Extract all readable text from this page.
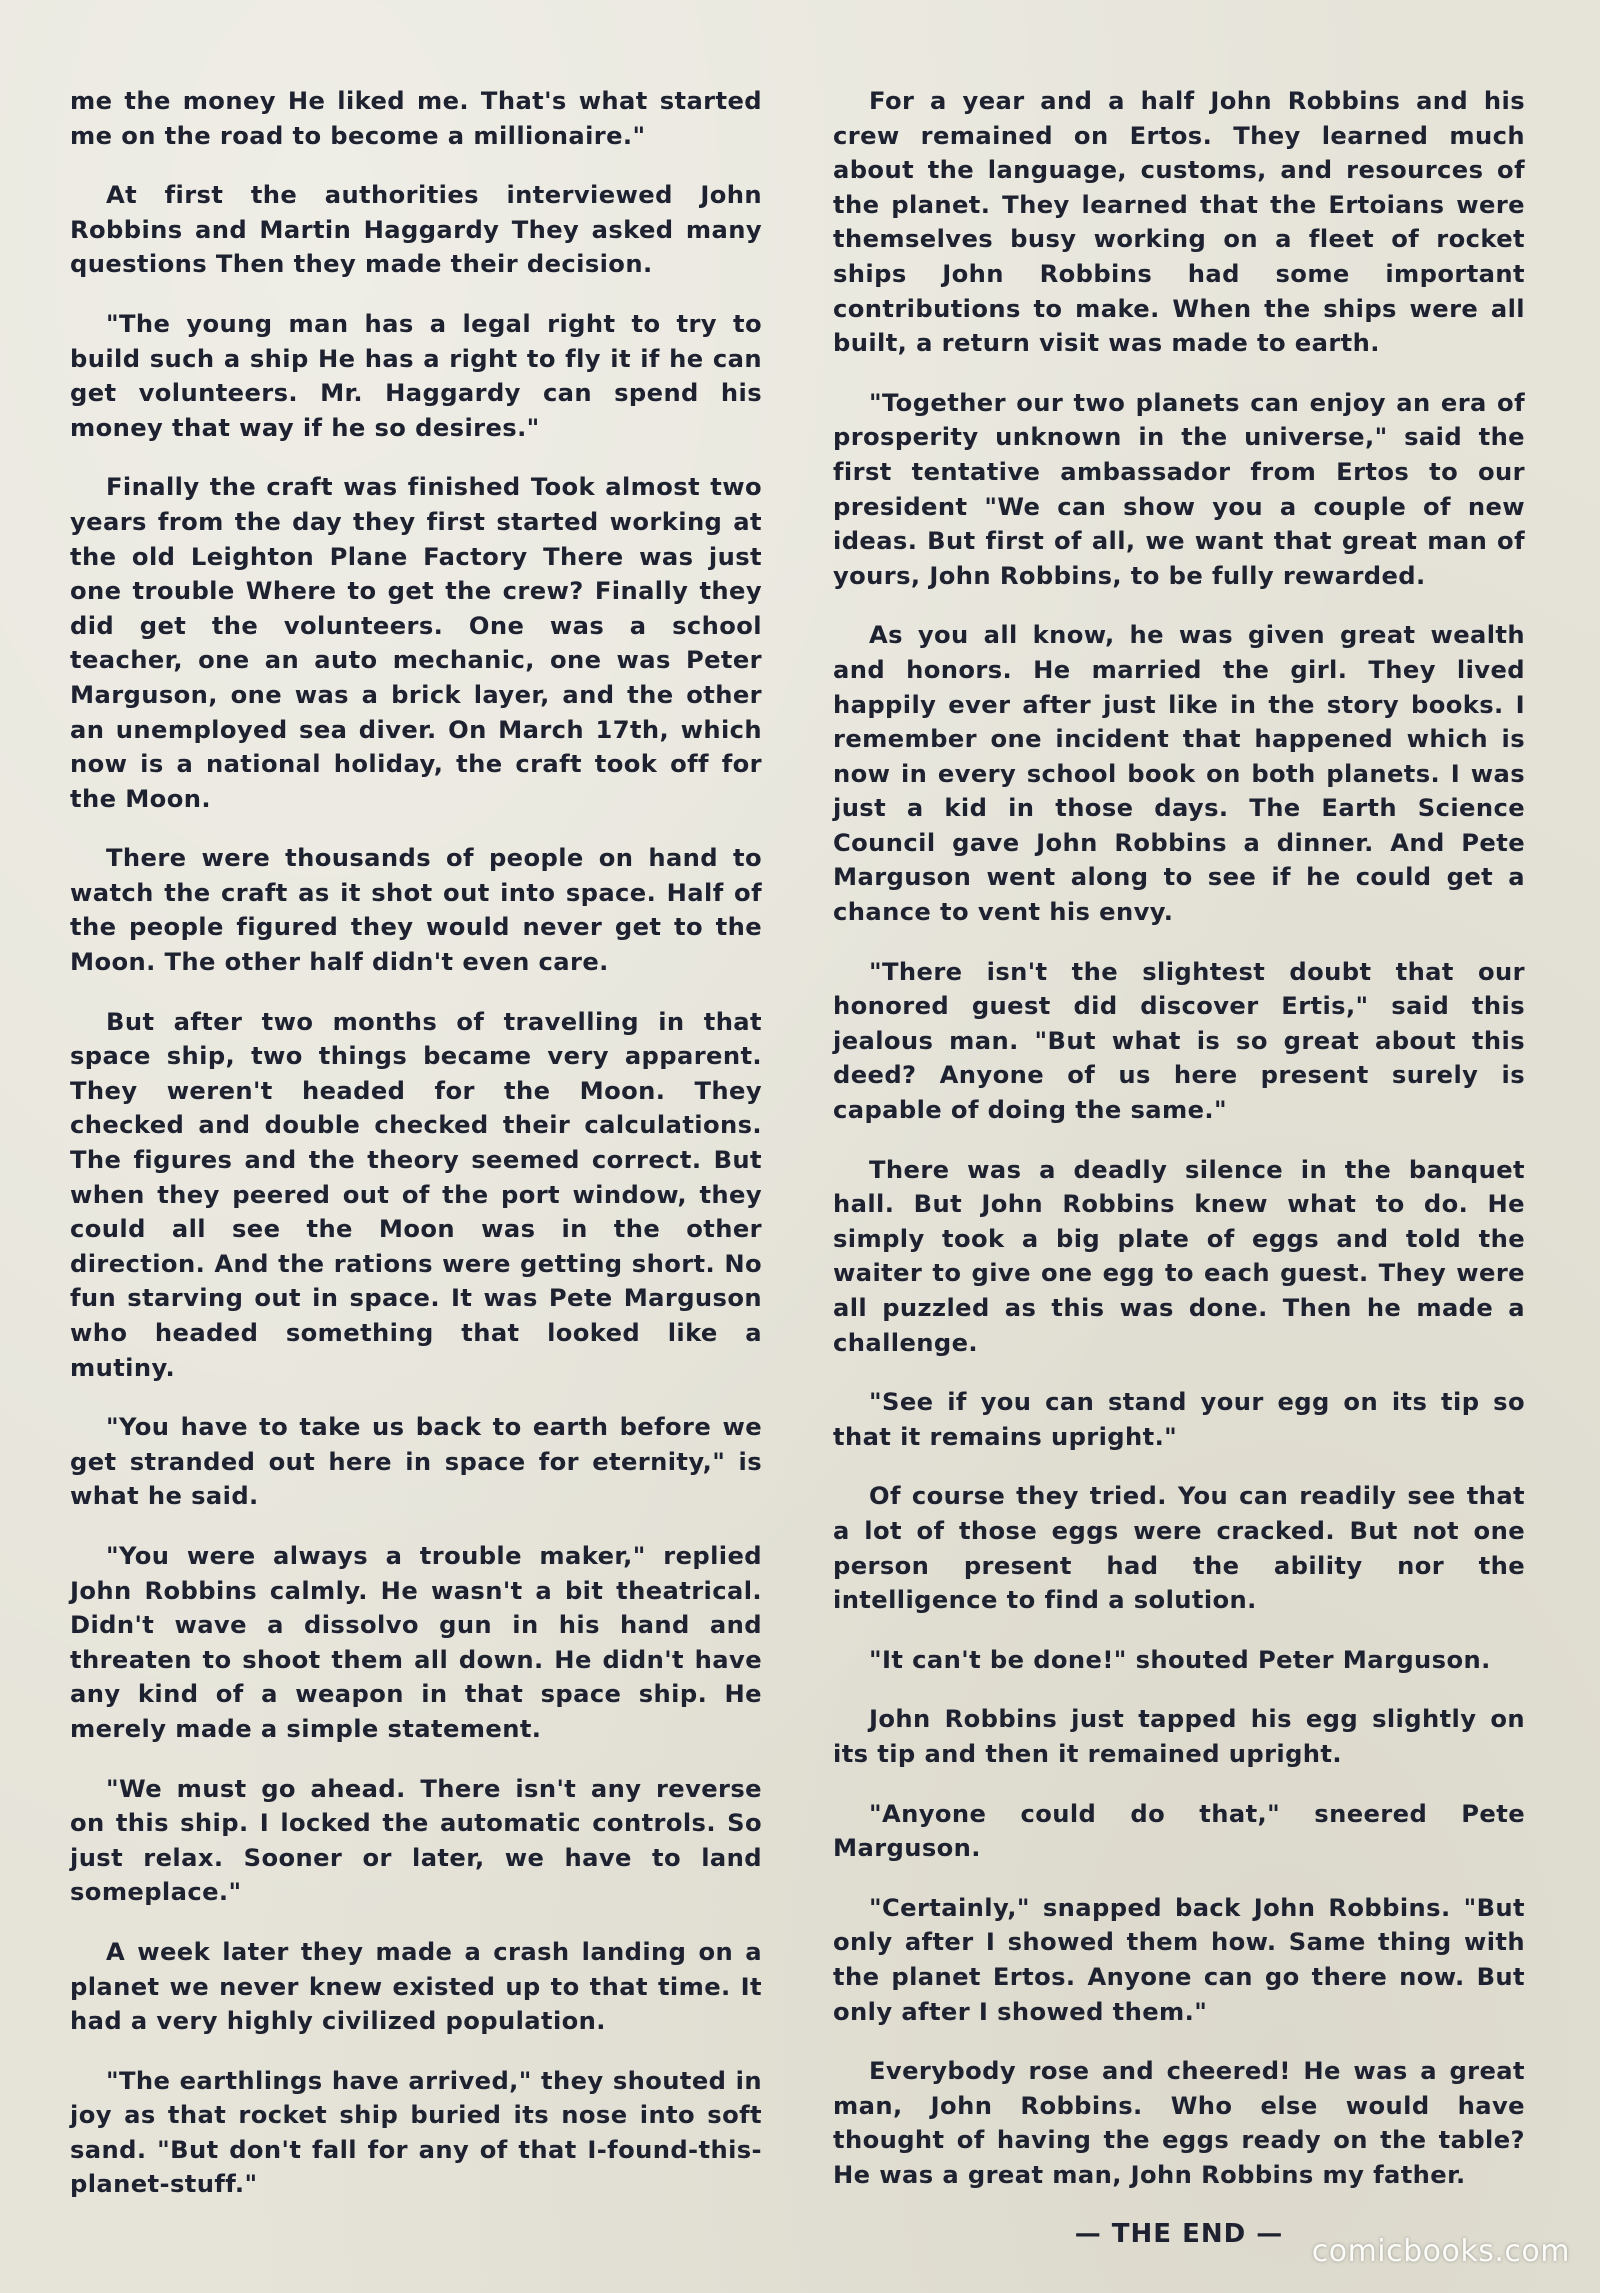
me the money He liked me. That's what started me on the road to become a millionaire."

At first the authorities interviewed John Robbins and Martin Haggardy They asked many questions Then they made their decision.

"The young man has a legal right to try to build such a ship He has a right to fly it if he can get volunteers. Mr. Haggardy can spend his money that way if he so desires."

Finally the craft was finished Took almost two years from the day they first started working at the old Leighton Plane Factory There was just one trouble Where to get the crew? Finally they did get the volunteers. One was a school teacher, one an auto mechanic, one was Peter Marguson, one was a brick layer, and the other an unemployed sea diver. On March 17th, which now is a national holiday, the craft took off for the Moon.

There were thousands of people on hand to watch the craft as it shot out into space. Half of the people figured they would never get to the Moon. The other half didn't even care.

But after two months of travelling in that space ship, two things became very apparent. They weren't headed for the Moon. They checked and double checked their calculations. The figures and the theory seemed correct. But when they peered out of the port window, they could all see the Moon was in the other direction. And the rations were getting short. No fun starving out in space. It was Pete Marguson who headed something that looked like a mutiny.

"You have to take us back to earth before we get stranded out here in space for eternity," is what he said.

"You were always a trouble maker," replied John Robbins calmly. He wasn't a bit theatrical. Didn't wave a dissolvo gun in his hand and threaten to shoot them all down. He didn't have any kind of a weapon in that space ship. He merely made a simple statement.

"We must go ahead. There isn't any reverse on this ship. I locked the automatic controls. So just relax. Sooner or later, we have to land someplace."

A week later they made a crash landing on a planet we never knew existed up to that time. It had a very highly civilized population.

"The earthlings have arrived," they shouted in joy as that rocket ship buried its nose into soft sand. "But don't fall for any of that I-found-this-planet-stuff."

For a year and a half John Robbins and his crew remained on Ertos. They learned much about the language, customs, and resources of the planet. They learned that the Ertoians were themselves busy working on a fleet of rocket ships John Robbins had some important contributions to make. When the ships were all built, a return visit was made to earth.

"Together our two planets can enjoy an era of prosperity unknown in the universe," said the first tentative ambassador from Ertos to our president "We can show you a couple of new ideas. But first of all, we want that great man of yours, John Robbins, to be fully rewarded.

As you all know, he was given great wealth and honors. He married the girl. They lived happily ever after just like in the story books. I remember one incident that happened which is now in every school book on both planets. I was just a kid in those days. The Earth Science Council gave John Robbins a dinner. And Pete Marguson went along to see if he could get a chance to vent his envy.

"There isn't the slightest doubt that our honored guest did discover Ertis," said this jealous man. "But what is so great about this deed? Anyone of us here present surely is capable of doing the same."

There was a deadly silence in the banquet hall. But John Robbins knew what to do. He simply took a big plate of eggs and told the waiter to give one egg to each guest. They were all puzzled as this was done. Then he made a challenge.

"See if you can stand your egg on its tip so that it remains upright."

Of course they tried. You can readily see that a lot of those eggs were cracked. But not one person present had the ability nor the intelligence to find a solution.

"It can't be done!" shouted Peter Marguson.

John Robbins just tapped his egg slightly on its tip and then it remained upright.

"Anyone could do that," sneered Pete Marguson.

"Certainly," snapped back John Robbins. "But only after I showed them how. Same thing with the planet Ertos. Anyone can go there now. But only after I showed them."

Everybody rose and cheered! He was a great man, John Robbins. Who else would have thought of having the eggs ready on the table? He was a great man, John Robbins my father.

— THE END — comicbooks.com
